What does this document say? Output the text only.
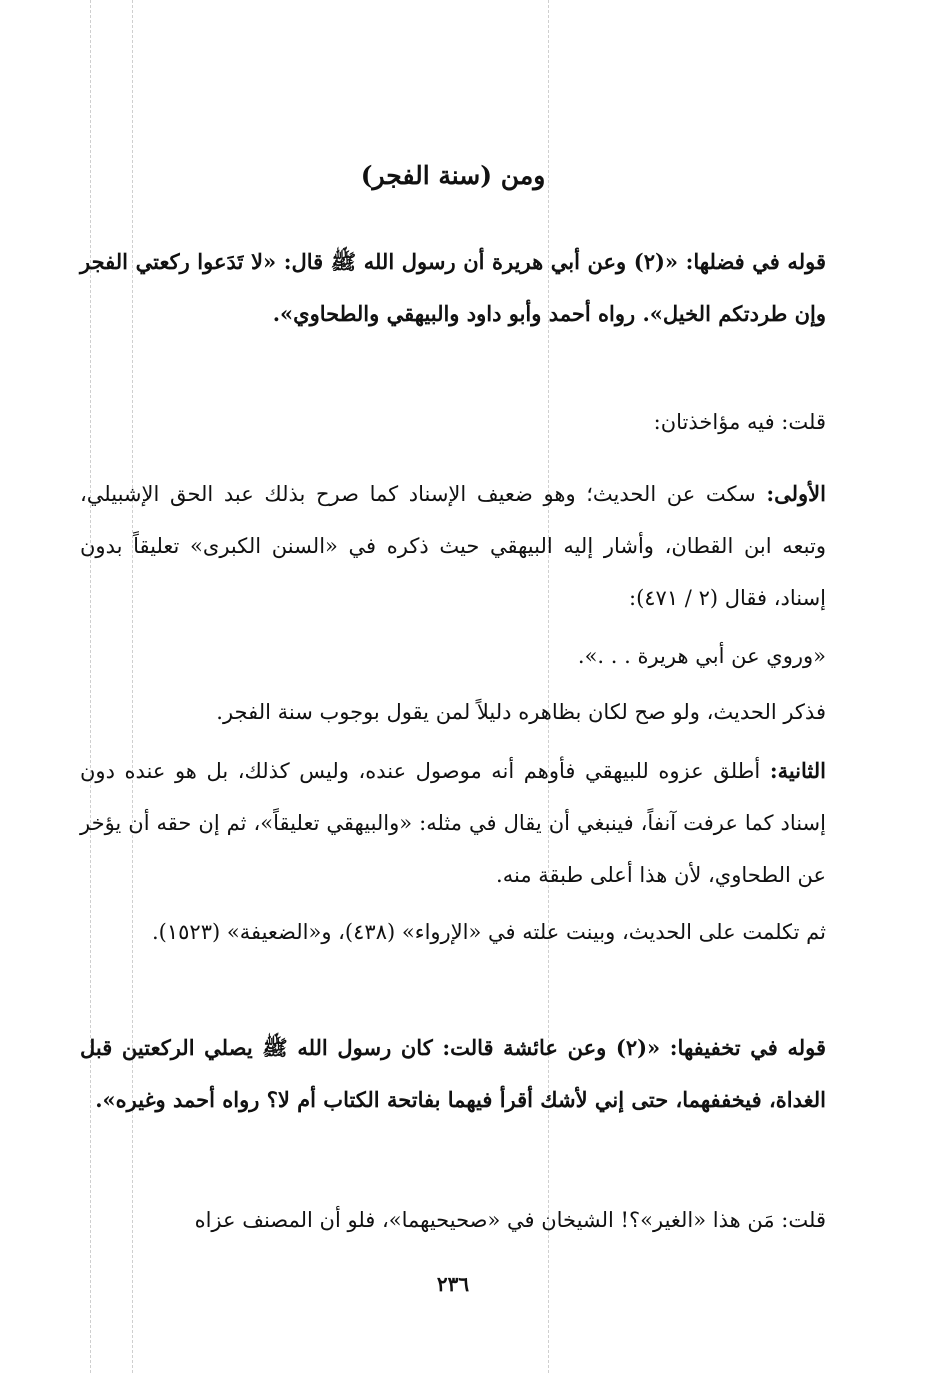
ومن (سنة الفجر)

قوله في فضلها: «(٢) وعن أبي هريرة أن رسول الله ﷺ قال: «لا تَدَعوا ركعتي الفجر وإن طردتكم الخيل». رواه أحمد وأبو داود والبيهقي والطحاوي».

قلت: فيه مؤاخذتان:

الأولى: سكت عن الحديث؛ وهو ضعيف الإسناد كما صرح بذلك عبد الحق الإشبيلي، وتبعه ابن القطان، وأشار إليه البيهقي حيث ذكره في «السنن الكبرى» تعليقاً بدون إسناد، فقال (٢ / ٤٧١):

«وروي عن أبي هريرة . . .».

فذكر الحديث، ولو صح لكان بظاهره دليلاً لمن يقول بوجوب سنة الفجر.

الثانية: أطلق عزوه للبيهقي فأوهم أنه موصول عنده، وليس كذلك، بل هو عنده دون إسناد كما عرفت آنفاً، فينبغي أن يقال في مثله: «والبيهقي تعليقاً»، ثم إن حقه أن يؤخر عن الطحاوي، لأن هذا أعلى طبقة منه.

ثم تكلمت على الحديث، وبينت علته في «الإرواء» (٤٣٨)، و«الضعيفة» (١٥٢٣).

قوله في تخفيفها: «(٢) وعن عائشة قالت: كان رسول الله ﷺ يصلي الركعتين قبل الغداة، فيخففهما، حتى إني لأشك أقرأ فيهما بفاتحة الكتاب أم لا؟ رواه أحمد وغيره».

قلت: مَن هذا «الغير»؟! الشيخان في «صحيحيهما»، فلو أن المصنف عزاه

٢٣٦
